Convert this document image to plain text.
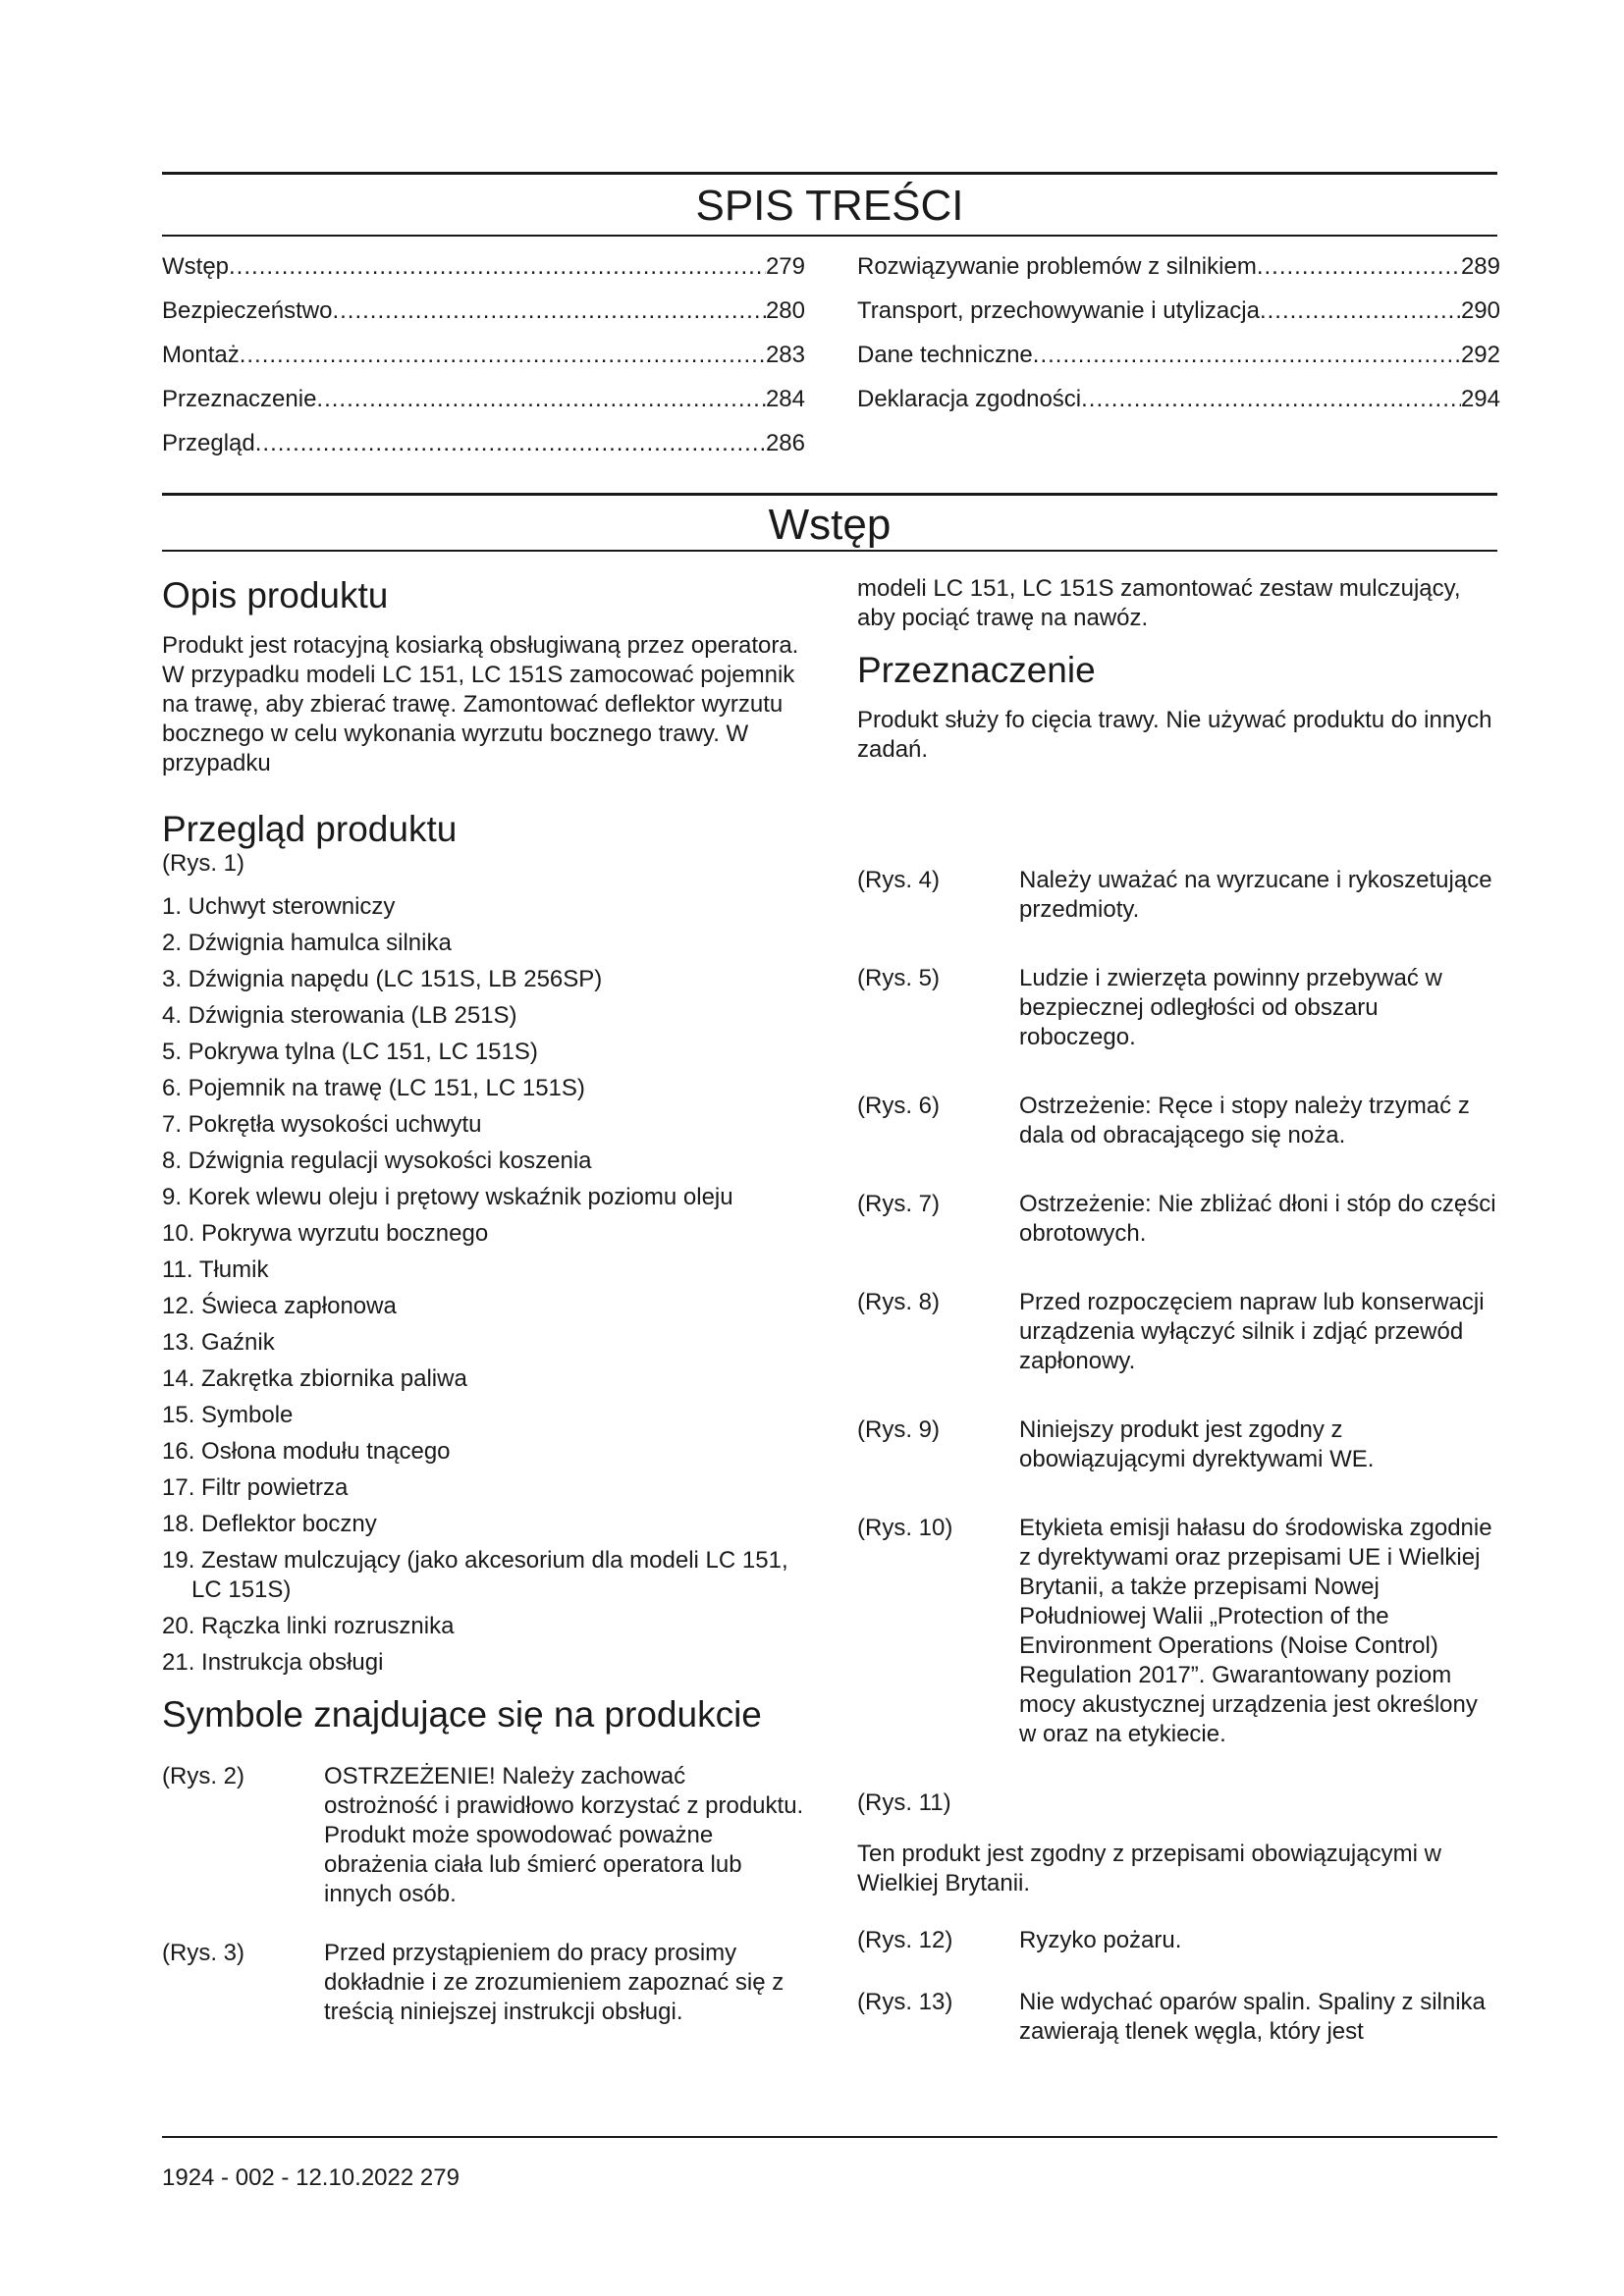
SPIS TREŚCI
Wstęp .....	279
Bezpieczeństwo .....	280
Montaż .....	283
Przeznaczenie .....	284
Przegląd .....	286
Rozwiązywanie problemów z silnikiem .....	289
Transport, przechowywanie i utylizacja .....	290
Dane techniczne .....	292
Deklaracja zgodności .....	294
Wstęp
Opis produktu

Produkt jest rotacyjną kosiarką obsługiwaną przez operatora. W przypadku modeli LC 151, LC 151S zamocować pojemnik na trawę, aby zbierać trawę. Zamontować deflektor wyrzutu bocznego w celu wykonania wyrzutu bocznego trawy. W przypadku

Przegląd produktu

(Rys. 1)

1. Uchwyt sterowniczy
2. Dźwignia hamulca silnika
3. Dźwignia napędu (LC 151S, LB 256SP)
4. Dźwignia sterowania (LB 251S)
5. Pokrywa tylna (LC 151, LC 151S)
6. Pojemnik na trawę (LC 151, LC 151S)
7. Pokrętła wysokości uchwytu
8. Dźwignia regulacji wysokości koszenia
9. Korek wlewu oleju i prętowy wskaźnik poziomu oleju
10. Pokrywa wyrzutu bocznego
11. Tłumik
12. Świeca zapłonowa
13. Gaźnik
14. Zakrętka zbiornika paliwa
15. Symbole
16. Osłona modułu tnącego
17. Filtr powietrza
18. Deflektor boczny
19. Zestaw mulczujący (jako akcesorium dla modeli LC 151, LC 151S)
20. Rączka linki rozrusznika
21. Instrukcja obsługi
Symbole znajdujące się na produkcie
(Rys. 2)	OSTRZEŻENIE! Należy zachować ostrożność i prawidłowo korzystać z produktu. Produkt może spowodować poważne obrażenia ciała lub śmierć operatora lub innych osób.
(Rys. 3)	Przed przystąpieniem do pracy prosimy dokładnie i ze zrozumieniem zapoznać się z treścią niniejszej instrukcji obsługi.

modeli LC 151, LC 151S zamontować zestaw mulczujący, aby pociąć trawę na nawóz.

Przeznaczenie

Produkt służy fo cięcia trawy. Nie używać produktu do innych zadań.

(Rys. 4)	Należy uważać na wyrzucane i rykoszetujące przedmioty.
(Rys. 5)	Ludzie i zwierzęta powinny przebywać w bezpiecznej odległości od obszaru roboczego.
(Rys. 6)	Ostrzeżenie: Ręce i stopy należy trzymać z dala od obracającego się noża.
(Rys. 7)	Ostrzeżenie: Nie zbliżać dłoni i stóp do części obrotowych.
(Rys. 8)	Przed rozpoczęciem napraw lub konserwacji urządzenia wyłączyć silnik i zdjąć przewód zapłonowy.
(Rys. 9)	Niniejszy produkt jest zgodny z obowiązującymi dyrektywami WE.
(Rys. 10)	Etykieta emisji hałasu do środowiska zgodnie z dyrektywami oraz przepisami UE i Wielkiej Brytanii, a także przepisami Nowej Południowej Walii „Protection of the Environment Operations (Noise Control) Regulation 2017”. Gwarantowany poziom mocy akustycznej urządzenia jest określony w oraz na etykiecie.

(Rys. 11)

Ten produkt jest zgodny z przepisami obowiązującymi w Wielkiej Brytanii.

(Rys. 12)	Ryzyko pożaru.
(Rys. 13)	Nie wdychać oparów spalin. Spaliny z silnika zawierają tlenek węgla, który jest
1924 - 002 - 12.10.2022 279
